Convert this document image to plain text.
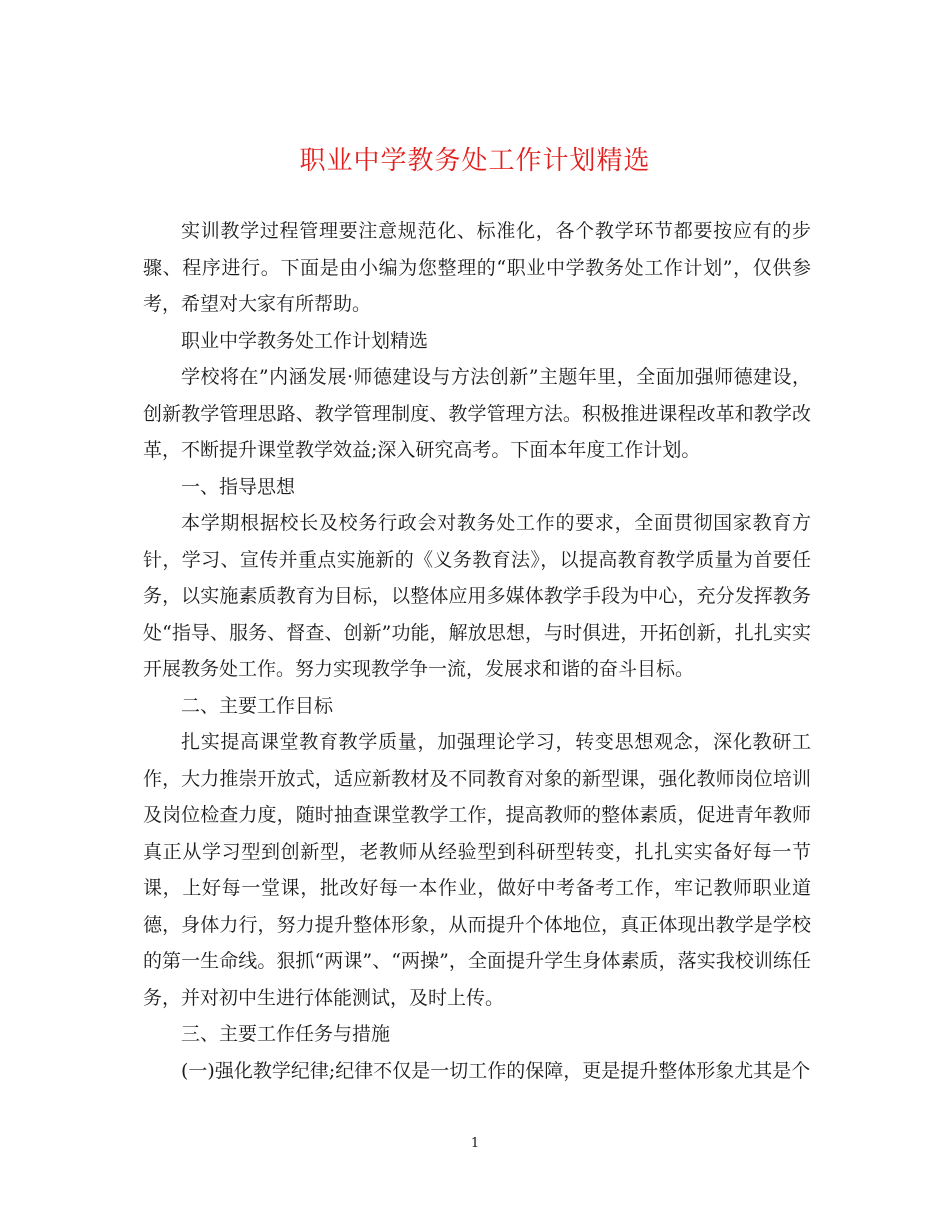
职业中学教务处工作计划精选

实训教学过程管理要注意规范化、标准化，各个教学环节都要按应有的步骤、程序进行。下面是由小编为您整理的“职业中学教务处工作计划”，仅供参考，希望对大家有所帮助。

职业中学教务处工作计划精选

学校将在”内涵发展·师德建设与方法创新”主题年里，全面加强师德建设，创新教学管理思路、教学管理制度、教学管理方法。积极推进课程改革和教学改革，不断提升课堂教学效益;深入研究高考。下面本年度工作计划。

一、指导思想

本学期根据校长及校务行政会对教务处工作的要求，全面贯彻国家教育方针，学习、宣传并重点实施新的《义务教育法》，以提高教育教学质量为首要任务，以实施素质教育为目标，以整体应用多媒体教学手段为中心，充分发挥教务处“指导、服务、督查、创新”功能，解放思想，与时俱进，开拓创新，扎扎实实开展教务处工作。努力实现教学争一流，发展求和谐的奋斗目标。

二、主要工作目标

扎实提高课堂教育教学质量，加强理论学习，转变思想观念，深化教研工作，大力推崇开放式，适应新教材及不同教育对象的新型课，强化教师岗位培训及岗位检查力度，随时抽查课堂教学工作，提高教师的整体素质，促进青年教师真正从学习型到创新型，老教师从经验型到科研型转变，扎扎实实备好每一节课，上好每一堂课，批改好每一本作业，做好中考备考工作，牢记教师职业道德，身体力行，努力提升整体形象，从而提升个体地位，真正体现出教学是学校的第一生命线。狠抓“两课”、“两操”，全面提升学生身体素质，落实我校训练任务，并对初中生进行体能测试，及时上传。

三、主要工作任务与措施

(一)强化教学纪律;纪律不仅是一切工作的保障，更是提升整体形象尤其是个

1
